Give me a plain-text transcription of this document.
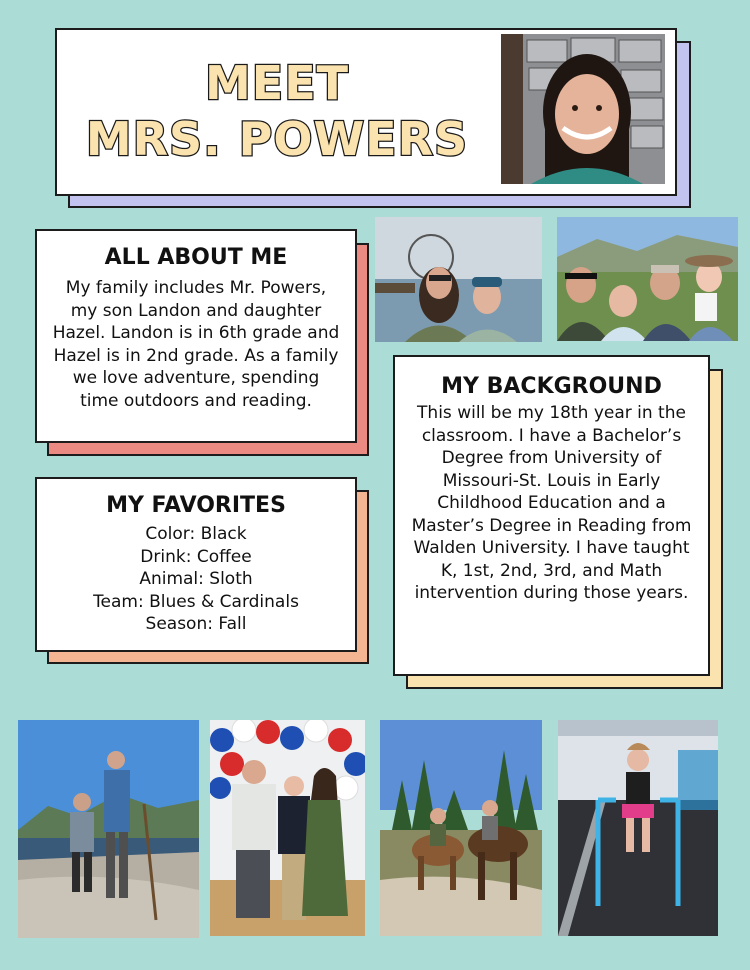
MEET
MRS. POWERS
ALL ABOUT ME
My family includes Mr. Powers, my son Landon and daughter Hazel. Landon is in 6th grade and Hazel is in 2nd grade. As a family we love adventure, spending time outdoors and reading.
MY FAVORITES
Color: Black
Drink: Coffee
Animal: Sloth
Team: Blues & Cardinals
Season: Fall
MY BACKGROUND
This will be my 18th year in the classroom. I have a Bachelor’s Degree from University of Missouri-St. Louis in Early Childhood Education and a Master’s Degree in Reading from Walden University. I have taught K, 1st, 2nd, 3rd, and Math intervention during those years.
